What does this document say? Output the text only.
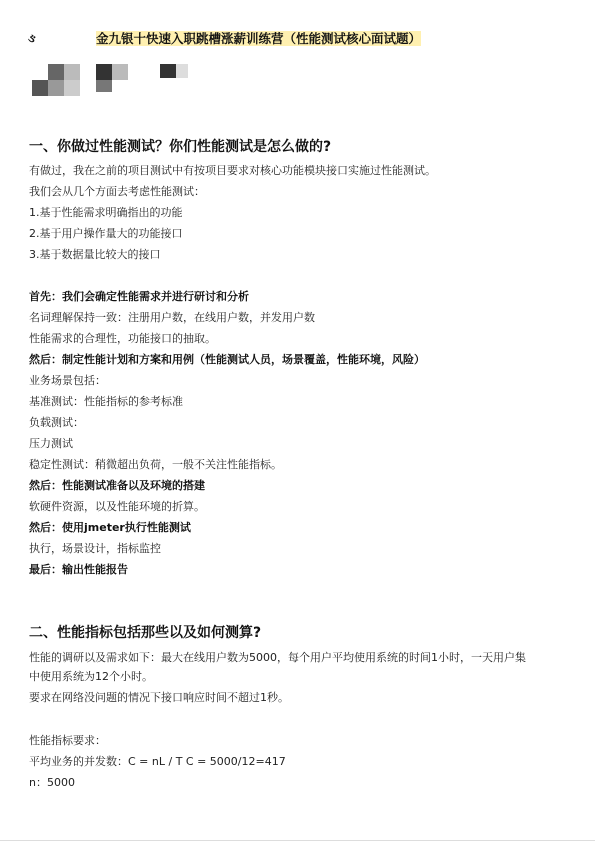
ઙ	金九银十快速入职跳槽涨薪训练营（性能测试核心面试题）
一、你做过性能测试？你们性能测试是怎么做的?
有做过，我在之前的项目测试中有按项目要求对核心功能模块接口实施过性能测试。
我们会从几个方面去考虑性能测试：
1.基于性能需求明确指出的功能
2.基于用户操作量大的功能接口
3.基于数据量比较大的接口
首先：我们会确定性能需求并进行研讨和分析
名词理解保持一致：注册用户数，在线用户数，并发用户数
性能需求的合理性，功能接口的抽取。
然后：制定性能计划和方案和用例（性能测试人员，场景覆盖，性能环境，风险）
业务场景包括：
基准测试：性能指标的参考标准
负载测试：
压力测试
稳定性测试：稍微超出负荷，一般不关注性能指标。
然后：性能测试准备以及环境的搭建
软硬件资源，以及性能环境的折算。
然后：使用jmeter执行性能测试
执行，场景设计，指标监控
最后：输出性能报告
二、性能指标包括那些以及如何测算?
性能的调研以及需求如下：最大在线用户数为5000，每个用户平均使用系统的时间1小时，一天用户集
中使用系统为12个小时。
要求在网络没问题的情况下接口响应时间不超过1秒。
性能指标要求：
平均业务的并发数：C = nL / T C = 5000/12=417
n：5000
